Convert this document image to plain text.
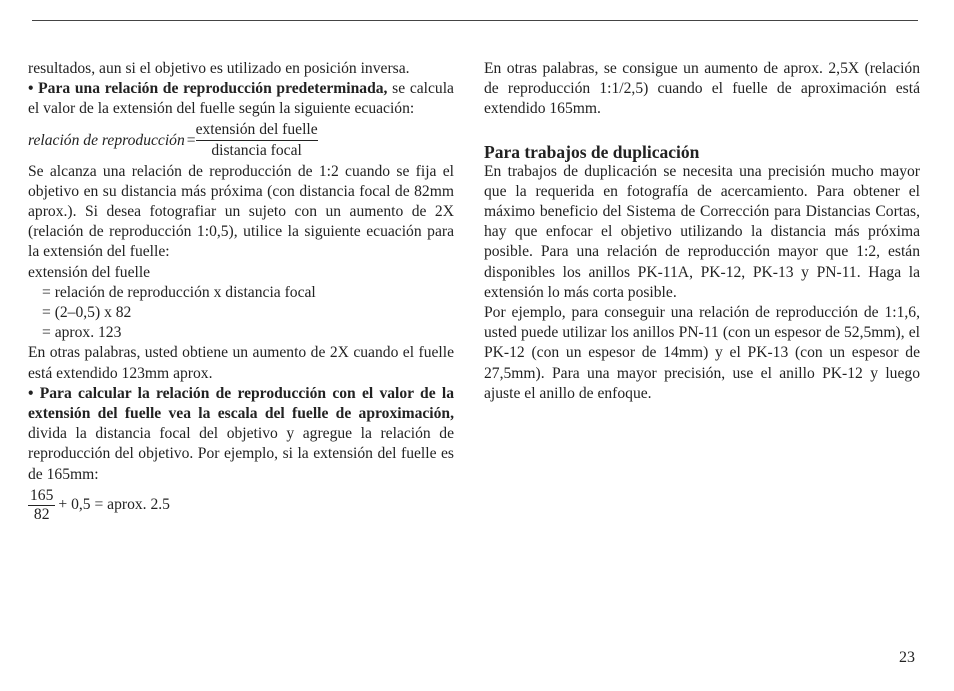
resultados, aun si el objetivo es utilizado en posición inversa.

• Para una relación de reproducción predeterminada, se calcula el valor de la extensión del fuelle según la siguiente ecuación:

relación de reproducción = $\frac{\text{extensión del fuelle}}{\text{distancia focal}}$

Se alcanza una relación de reproducción de 1:2 cuando se fija el objetivo en su distancia más próxima (con distancia focal de 82mm aprox.). Si desea fotografiar un sujeto con un aumento de 2X (relación de reproducción 1:0,5), utilice la siguiente ecuación para la extensión del fuelle:

extensión del fuelle

= relación de reproducción x distancia focal

= (2–0,5) x 82

= aprox. 123

En otras palabras, usted obtiene un aumento de 2X cuando el fuelle está extendido 123mm aprox.

• Para calcular la relación de reproducción con el valor de la extensión del fuelle vea la escala del fuelle de aproximación, divida la distancia focal del objetivo y agregue la relación de reproducción del objetivo. Por ejemplo, si la extensión del fuelle es de 165mm:

$\frac{165}{82} + 0,5$ = aprox. 2.5

En otras palabras, se consigue un aumento de aprox. 2,5X (relación de reproducción 1:1/2,5) cuando el fuelle de aproximación está extendido 165mm.

Para trabajos de duplicación

En trabajos de duplicación se necesita una precisión mucho mayor que la requerida en fotografía de acercamiento. Para obtener el máximo beneficio del Sistema de Corrección para Distancias Cortas, hay que enfocar el objetivo utilizando la distancia más próxima posible. Para una relación de reproducción mayor que 1:2, están disponibles los anillos PK-11A, PK-12, PK-13 y PN-11. Haga la extensión lo más corta posible.

Por ejemplo, para conseguir una relación de reproducción de 1:1,6, usted puede utilizar los anillos PN-11 (con un espesor de 52,5mm), el PK-12 (con un espesor de 14mm) y el PK-13 (con un espesor de 27,5mm). Para una mayor precisión, use el anillo PK-12 y luego ajuste el anillo de enfoque.

23
